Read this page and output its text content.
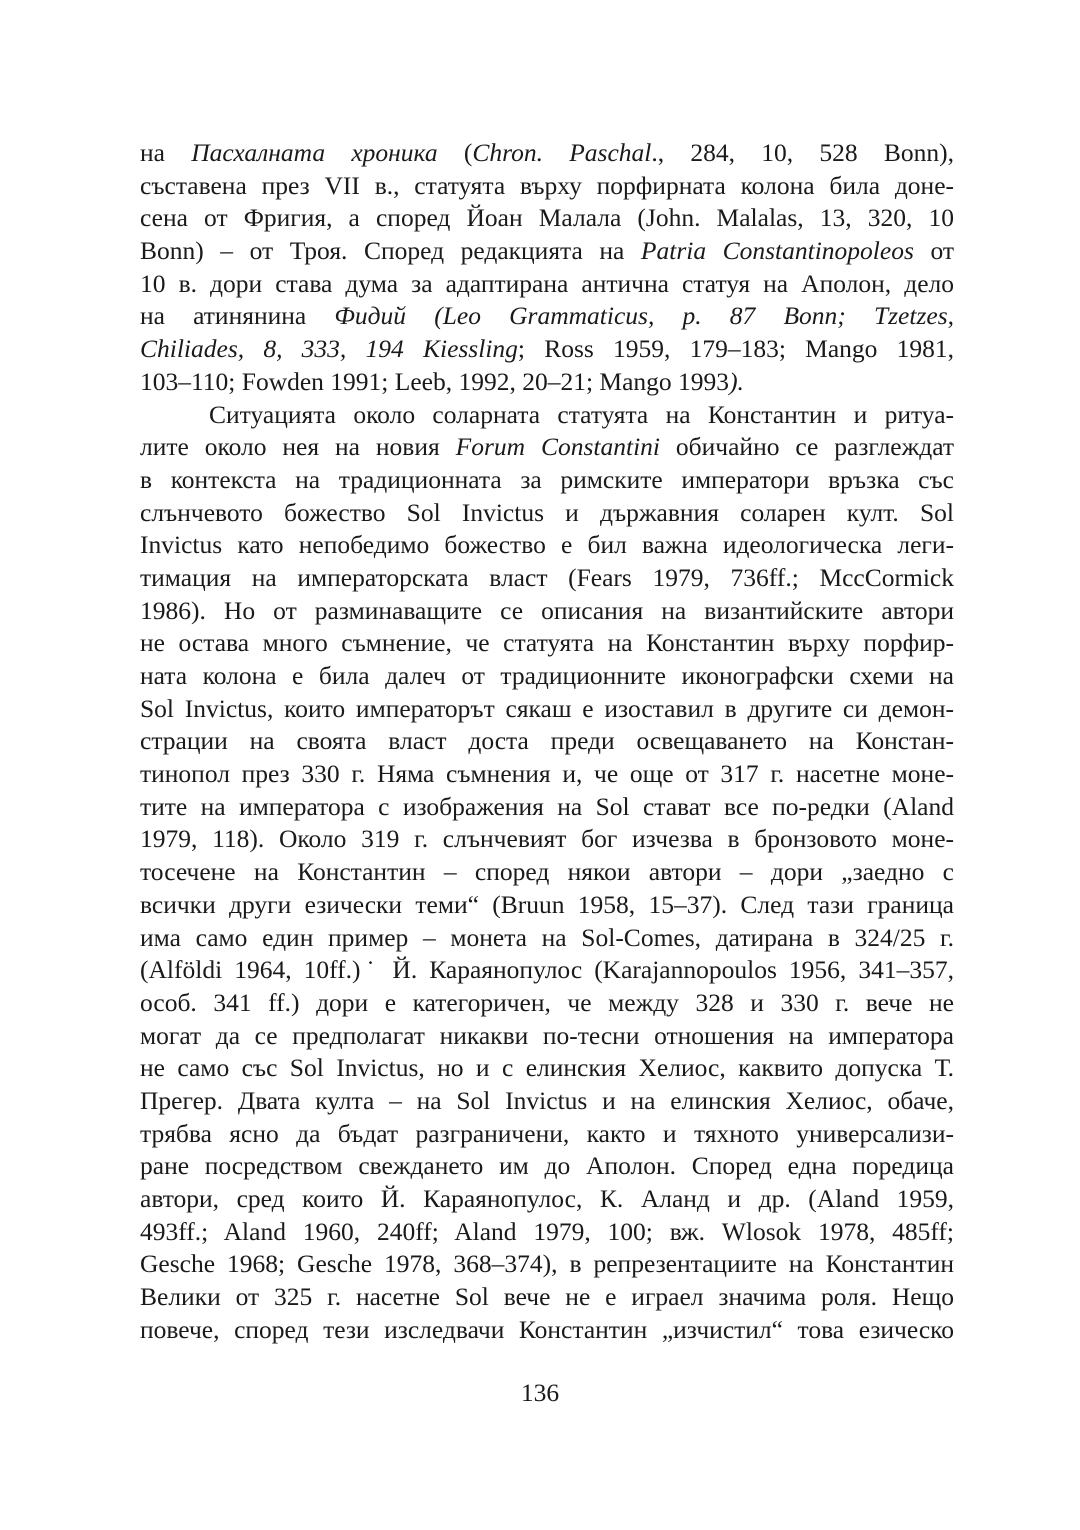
на Пасхалната хроника (Chron. Paschal., 284, 10, 528 Bonn),
съставена през VII в., статуята върху порфирната колона била доне-
сена от Фригия, а според Йоан Малала (John. Malalas, 13, 320, 10
Bonn) – от Троя. Според редакцията на Patria Constantinopoleos от
10 в. дори става дума за адаптирана антична статуя на Аполон, дело
на атинянина Фидий (Leo Grammaticus, p. 87 Bonn; Tzetzes,
Chiliades, 8, 333, 194 Kiessling; Ross 1959, 179–183; Mango 1981,
103–110; Fowden 1991; Leeb, 1992, 20–21; Mango 1993).
Ситуацията около соларната статуята на Константин и ритуа-
лите около нея на новия Forum Constantini обичайно се разглеждат
в контекста на традиционната за римските императори връзка със
слънчевото божество Sol Invictus и държавния соларен култ. Sol
Invictus като непобедимо божество е бил важна идеологическа леги-
тимация на императорската власт (Fears 1979, 736ff.; MccCormick
1986). Но от разминаващите се описания на византийските автори
не остава много съмнение, че статуята на Константин върху порфир-
ната колона е била далеч от традиционните иконографски схеми на
Sol Invictus, които императорът сякаш е изоставил в другите си демон-
страции на своята власт доста преди освещаването на Констан-
тинопол през 330 г. Няма съмнения и, че още от 317 г. насетне моне-
тите на императора с изображения на Sol стават все по-редки (Aland
1979, 118). Около 319 г. слънчевият бог изчезва в бронзовото моне-
тосечене на Константин – според някои автори – дори „заедно с
всички други езически теми“ (Bruun 1958, 15–37). След тази граница
има само един пример – монета на Sol-Comes, датирана в 324/25 г.
(Alföldi 1964, 10ff.)˙ Й. Караянопулос (Karajannopoulos 1956, 341–357,
особ. 341 ff.) дори е категоричен, че между 328 и 330 г. вече не
могат да се предполагат никакви по-тесни отношения на императора
не само със Sol Invictus, но и с елинския Хелиос, каквито допуска Т.
Прегер. Двата култа – на Sol Invictus и на елинския Хелиос, обаче,
трябва ясно да бъдат разграничени, както и тяхното универсализи-
ране посредством свеждането им до Аполон. Според една поредица
автори, сред които Й. Караянопулос, К. Аланд и др. (Aland 1959,
493ff.; Aland 1960, 240ff; Aland 1979, 100; вж. Wlosok 1978, 485ff;
Gesche 1968; Gesche 1978, 368–374), в репрезентациите на Константин
Велики от 325 г. насетне Sol вече не е играел значима роля. Нещо
повече, според тези изследвачи Константин „изчистил“ това езическо
136
